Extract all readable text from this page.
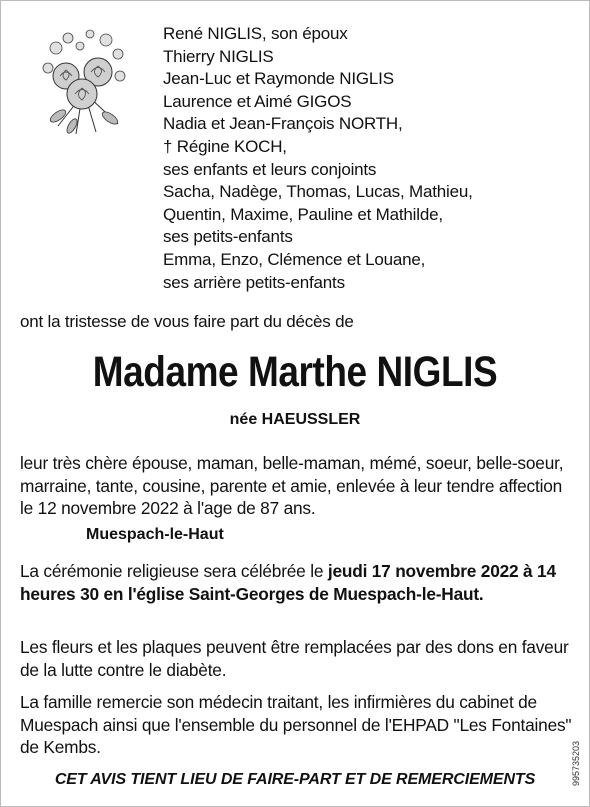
René NIGLIS, son époux
Thierry NIGLIS
Jean-Luc et Raymonde NIGLIS
Laurence et Aimé GIGOS
Nadia et Jean-François NORTH,
† Régine KOCH,
ses enfants et leurs conjoints
Sacha, Nadège, Thomas, Lucas, Mathieu,
Quentin, Maxime, Pauline et Mathilde,
ses petits-enfants
Emma, Enzo, Clémence et Louane,
ses arrière petits-enfants
ont la tristesse de vous faire part du décès de
Madame Marthe NIGLIS
née HAEUSSLER

leur très chère épouse, maman, belle-maman, mémé, soeur, belle-soeur, marraine, tante, cousine, parente et amie, enlevée à leur tendre affection le 12 novembre 2022 à l'age de 87 ans.

Muespach-le-Haut

La cérémonie religieuse sera célébrée le jeudi 17 novembre 2022 à 14 heures 30 en l'église Saint-Georges de Muespach-le-Haut.

Les fleurs et les plaques peuvent être remplacées par des dons en faveur de la lutte contre le diabète.

La famille remercie son médecin traitant, les infirmières du cabinet de Muespach ainsi que l'ensemble du personnel de l'EHPAD "Les Fontaines" de Kembs.

CET AVIS TIENT LIEU DE FAIRE-PART ET DE REMERCIEMENTS	995735203
